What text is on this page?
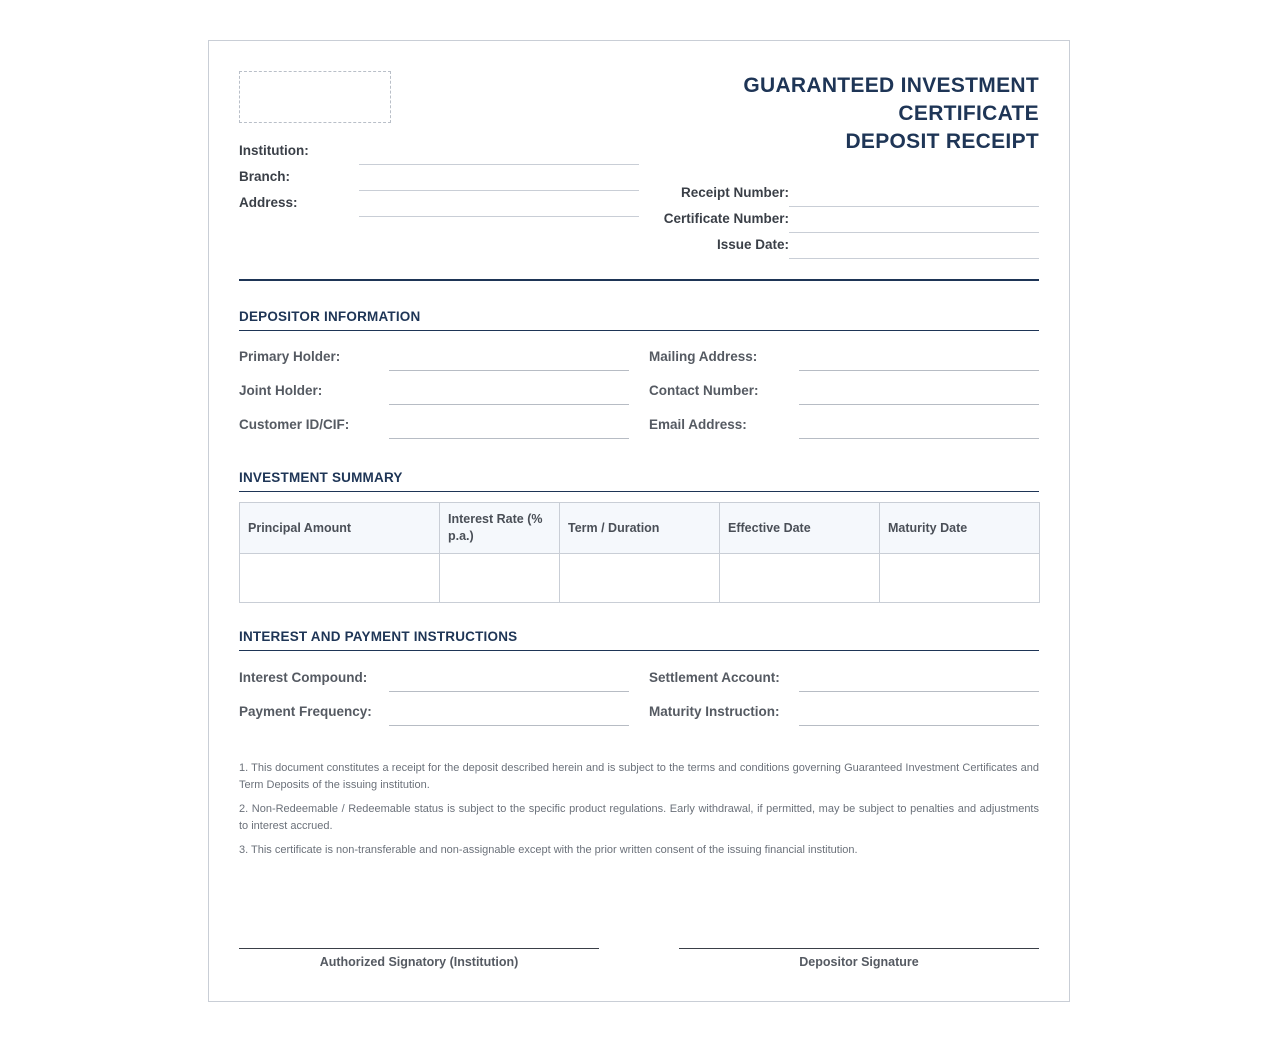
GUARANTEED INVESTMENT
CERTIFICATE
DEPOSIT RECEIPT
Institution:
Branch:
Address:
Receipt Number:
Certificate Number:
Issue Date:
DEPOSITOR INFORMATION
Primary Holder:
Joint Holder:
Customer ID/CIF:
Mailing Address:
Contact Number:
Email Address:
INVESTMENT SUMMARY
Principal Amount	Interest Rate (% p.a.)	Term / Duration	Effective Date	Maturity Date

INTEREST AND PAYMENT INSTRUCTIONS
Interest Compound:
Payment Frequency:
Settlement Account:
Maturity Instruction:

1. This document constitutes a receipt for the deposit described herein and is subject to the terms and conditions governing Guaranteed Investment Certificates and Term Deposits of the issuing institution.

2. Non-Redeemable / Redeemable status is subject to the specific product regulations. Early withdrawal, if permitted, may be subject to penalties and adjustments to interest accrued.

3. This certificate is non-transferable and non-assignable except with the prior written consent of the issuing financial institution.

Authorized Signatory (Institution)	Depositor Signature
